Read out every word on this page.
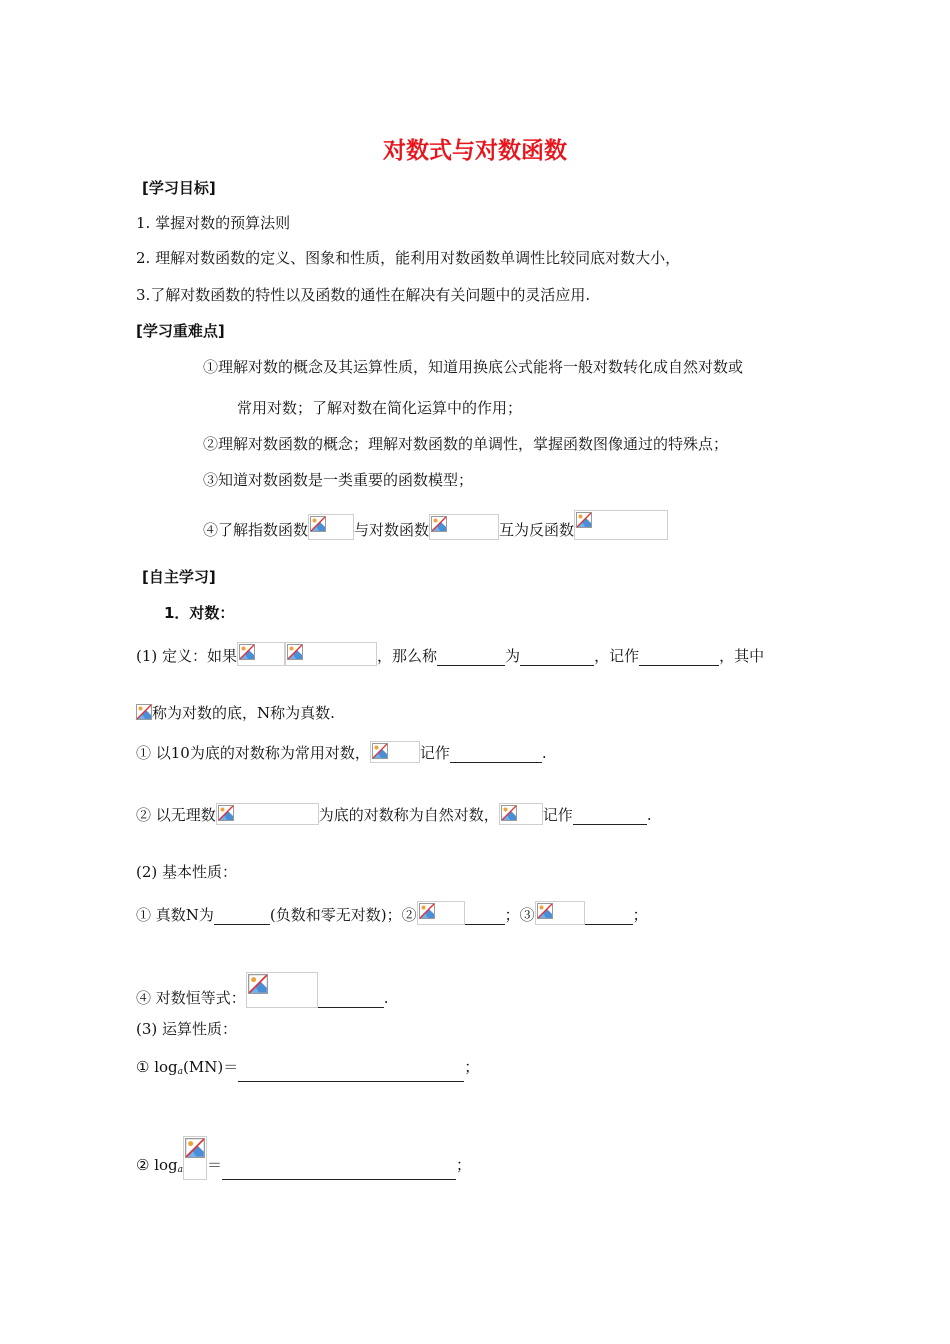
对数式与对数函数
[学习目标]
1. 掌握对数的预算法则
2. 理解对数函数的定义、图象和性质，能利用对数函数单调性比较同底对数大小，
3.了解对数函数的特性以及函数的通性在解决有关问题中的灵活应用.
[学习重难点]
①理解对数的概念及其运算性质，知道用换底公式能将一般对数转化成自然对数或
常用对数；了解对数在简化运算中的作用；
②理解对数函数的概念；理解对数函数的单调性，掌握函数图像通过的特殊点；
③知道对数函数是一类重要的函数模型；
④了解指数函数	与对数函数	互为反函数
[自主学习]
1．对数：
(1) 定义：如果	，那么称	为	，记作	，其中
称为对数的底，N称为真数.
① 以10为底的对数称为常用对数，	记作	.
② 以无理数	为底的对数称为自然对数，	记作	.
(2) 基本性质：
① 真数N为	(负数和零无对数)；②	；③	；
④ 对数恒等式：	.
(3) 运算性质：
① $\log_a(MN)=$	；
② $\log_a$ ＝	；
